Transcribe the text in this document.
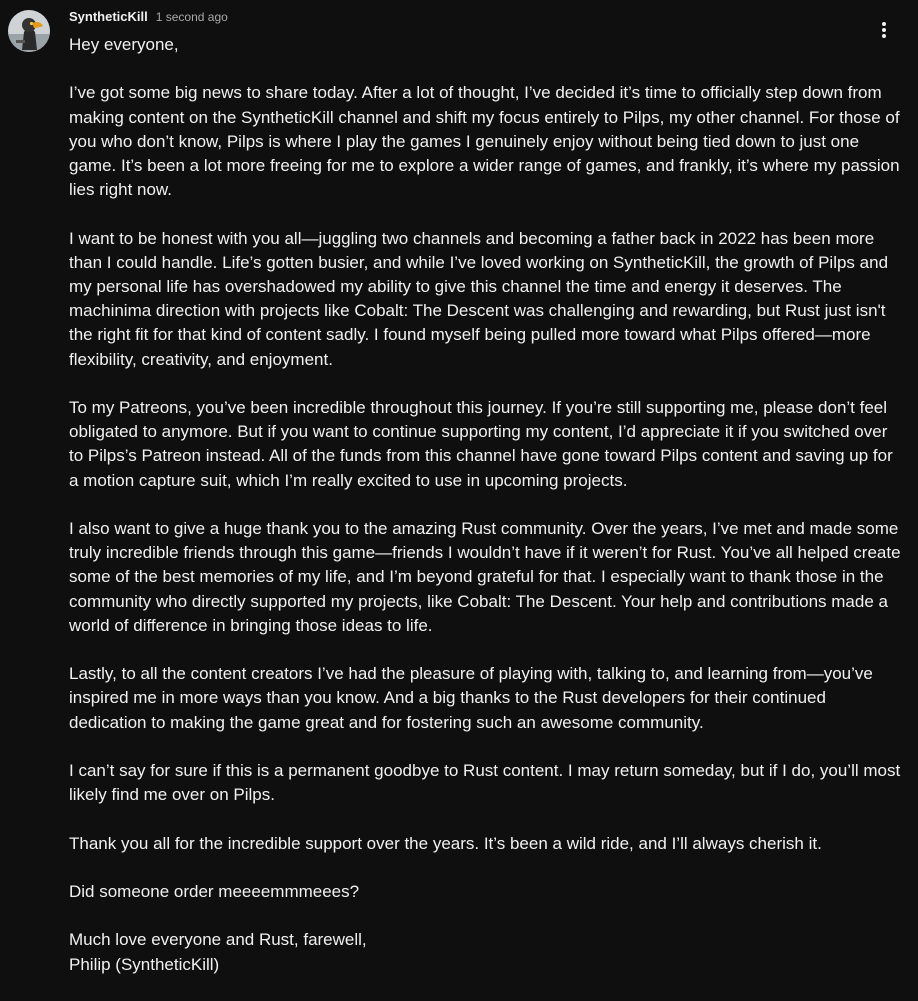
SyntheticKill 1 second ago

Hey everyone,

I’ve got some big news to share today. After a lot of thought, I’ve decided it’s time to officially step down from making content on the SyntheticKill channel and shift my focus entirely to Pilps, my other channel. For those of you who don’t know, Pilps is where I play the games I genuinely enjoy without being tied down to just one game. It’s been a lot more freeing for me to explore a wider range of games, and frankly, it’s where my passion lies right now.

I want to be honest with you all—juggling two channels and becoming a father back in 2022 has been more than I could handle. Life’s gotten busier, and while I’ve loved working on SyntheticKill, the growth of Pilps and my personal life has overshadowed my ability to give this channel the time and energy it deserves. The machinima direction with projects like Cobalt: The Descent was challenging and rewarding, but Rust just isn't the right fit for that kind of content sadly. I found myself being pulled more toward what Pilps offered—more flexibility, creativity, and enjoyment.

To my Patreons, you’ve been incredible throughout this journey. If you’re still supporting me, please don’t feel obligated to anymore. But if you want to continue supporting my content, I’d appreciate it if you switched over to Pilps’s Patreon instead. All of the funds from this channel have gone toward Pilps content and saving up for a motion capture suit, which I’m really excited to use in upcoming projects.

I also want to give a huge thank you to the amazing Rust community. Over the years, I’ve met and made some truly incredible friends through this game—friends I wouldn’t have if it weren’t for Rust. You’ve all helped create some of the best memories of my life, and I’m beyond grateful for that. I especially want to thank those in the community who directly supported my projects, like Cobalt: The Descent. Your help and contributions made a world of difference in bringing those ideas to life.

Lastly, to all the content creators I’ve had the pleasure of playing with, talking to, and learning from—you’ve inspired me in more ways than you know. And a big thanks to the Rust developers for their continued dedication to making the game great and for fostering such an awesome community.

I can’t say for sure if this is a permanent goodbye to Rust content. I may return someday, but if I do, you’ll most likely find me over on Pilps.

Thank you all for the incredible support over the years. It’s been a wild ride, and I’ll always cherish it.

Did someone order meeeemmmeees?

Much love everyone and Rust, farewell,

Philip (SyntheticKill)
